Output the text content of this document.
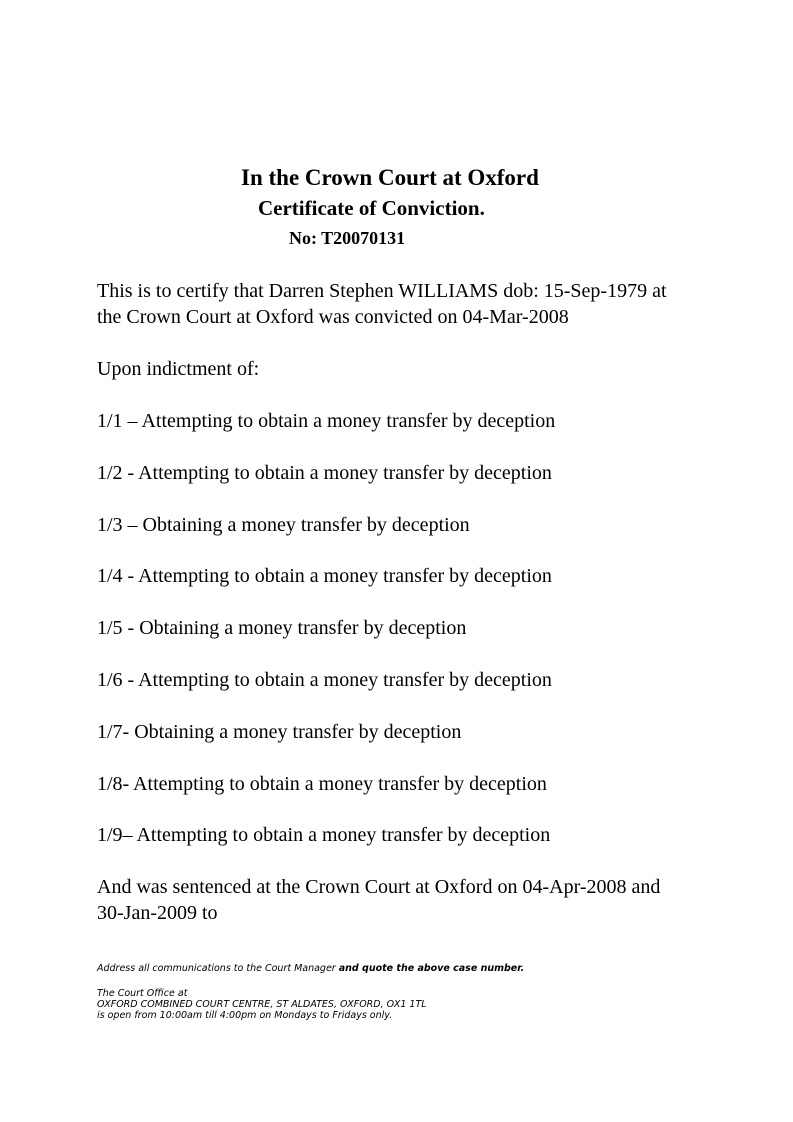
In the Crown Court at Oxford
Certificate of Conviction.
No: T20070131
This is to certify that Darren Stephen WILLIAMS dob: 15-Sep-1979 at
the Crown Court at Oxford was convicted on 04-Mar-2008
Upon indictment of:
1/1 – Attempting to obtain a money transfer by deception
1/2 - Attempting to obtain a money transfer by deception
1/3 – Obtaining a money transfer by deception
1/4 - Attempting to obtain a money transfer by deception
1/5 - Obtaining a money transfer by deception
1/6 - Attempting to obtain a money transfer by deception
1/7- Obtaining a money transfer by deception
1/8- Attempting to obtain a money transfer by deception
1/9– Attempting to obtain a money transfer by deception
And was sentenced at the Crown Court at Oxford on 04-Apr-2008 and
30-Jan-2009 to
Address all communications to the Court Manager and quote the above case number.
The Court Office at
OXFORD COMBINED COURT CENTRE, ST ALDATES, OXFORD, OX1 1TL
is open from 10:00am till 4:00pm on Mondays to Fridays only.
